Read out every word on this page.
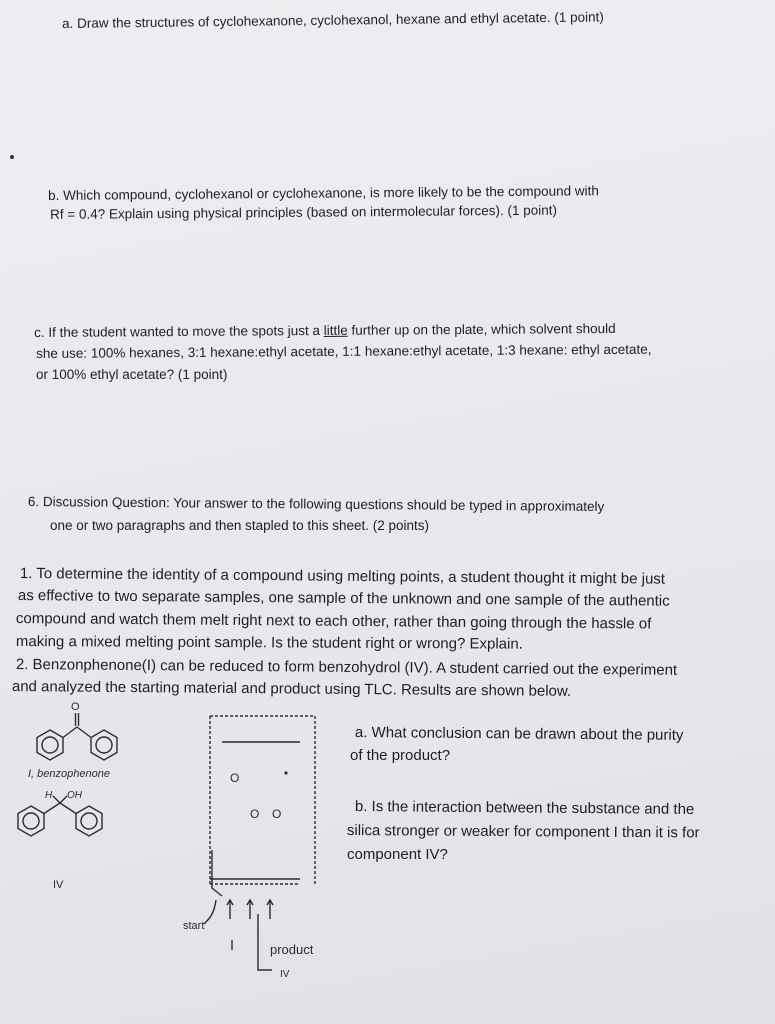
a. Draw the structures of cyclohexanone, cyclohexanol, hexane and ethyl acetate. (1 point)

b. Which compound, cyclohexanol or cyclohexanone, is more likely to be the compound with

Rf = 0.4? Explain using physical principles (based on intermolecular forces). (1 point)

c. If the student wanted to move the spots just a little further up on the plate, which solvent should

she use: 100% hexanes, 3:1 hexane:ethyl acetate, 1:1 hexane:ethyl acetate, 1:3 hexane: ethyl acetate,

or 100% ethyl acetate? (1 point)

6. Discussion Question: Your answer to the following questions should be typed in approximately

one or two paragraphs and then stapled to this sheet. (2 points)

1. To determine the identity of a compound using melting points, a student thought it might be just

as effective to two separate samples, one sample of the unknown and one sample of the authentic

compound and watch them melt right next to each other, rather than going through the hassle of

making a mixed melting point sample. Is the student right or wrong? Explain.

2. Benzonphenone(I) can be reduced to form benzohydrol (IV). A student carried out the experiment

and analyzed the starting material and product using TLC. Results are shown below.

O
I, benzophenone
H OH
IV
O
O O
start
product
IV

a. What conclusion can be drawn about the purity

of the product?

b. Is the interaction between the substance and the

silica stronger or weaker for component I than it is for

component IV?
